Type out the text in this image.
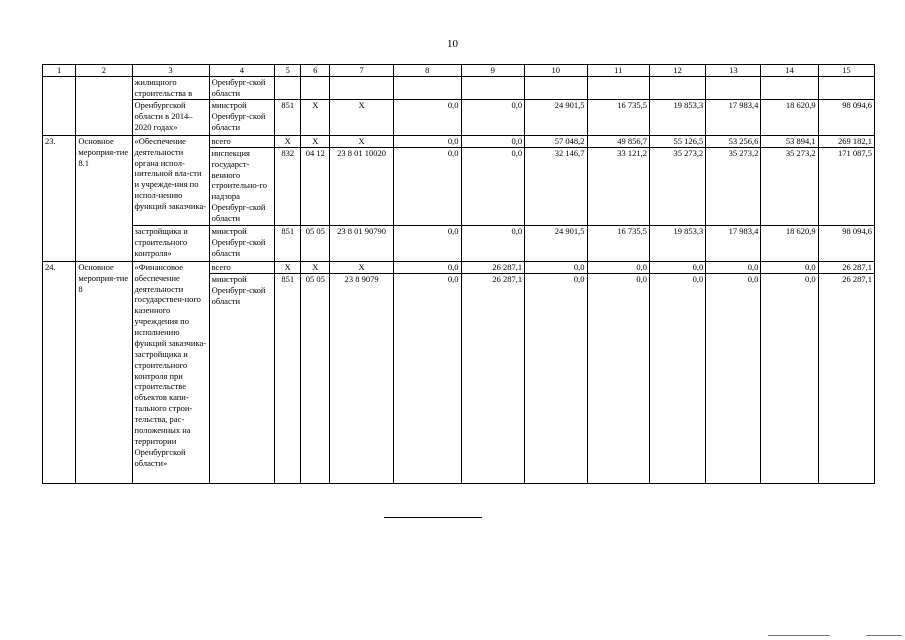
10
1	2	3	4	5	6	7	8	9	10	11	12	13	14	15
		жилищного строительства в	Оренбург-ской области											
		Оренбургской области в 2014–2020 годах»	минстрой Оренбург-ской области	851	Х	Х	0,0	0,0	24 901,5	16 735,5	19 853,3	17 983,4	18 620,9	98 094,6
23.	Основное мероприя-тие 8.1	«Обеспечение деятельности органа испол-нительной вла-сти и учрежде-ния по испол-нению функций заказчика-	всего	Х	Х	Х	0,0	0,0	57 048,2	49 856,7	55 126,5	53 256,6	53 894,1	269 182,1
			инспекция государст-венного строительно-го надзора Оренбург-ской области	832	04 12	23 8 01 10020	0,0	0,0	32 146,7	33 121,2	35 273,2	35 273,2	35 273,2	171 087,5
		застройщика и строительного контроля»	минстрой Оренбург-ской области	851	05 05	23 8 01 90790	0,0	0,0	24 901,5	16 735,5	19 853,3	17 983,4	18 620,9	98 094,6
24.	Основное мероприя-тие 8	«Финансовое обеспечение деятельности государствен-ного казенного учреждения по исполнению функций заказчика-застройщика и строительного контроля при строительстве объектов капи-тального строи-тельства, рас-положенных на территории Оренбургской области»	всего	Х	Х	Х	0,0	26 287,1	0,0	0,0	0,0	0,0	0,0	26 287,1
			минстрой Оренбург-ской области	851	05 05	23 8 9079	0,0	26 287,1	0,0	0,0	0,0	0,0	0,0	26 287,1
